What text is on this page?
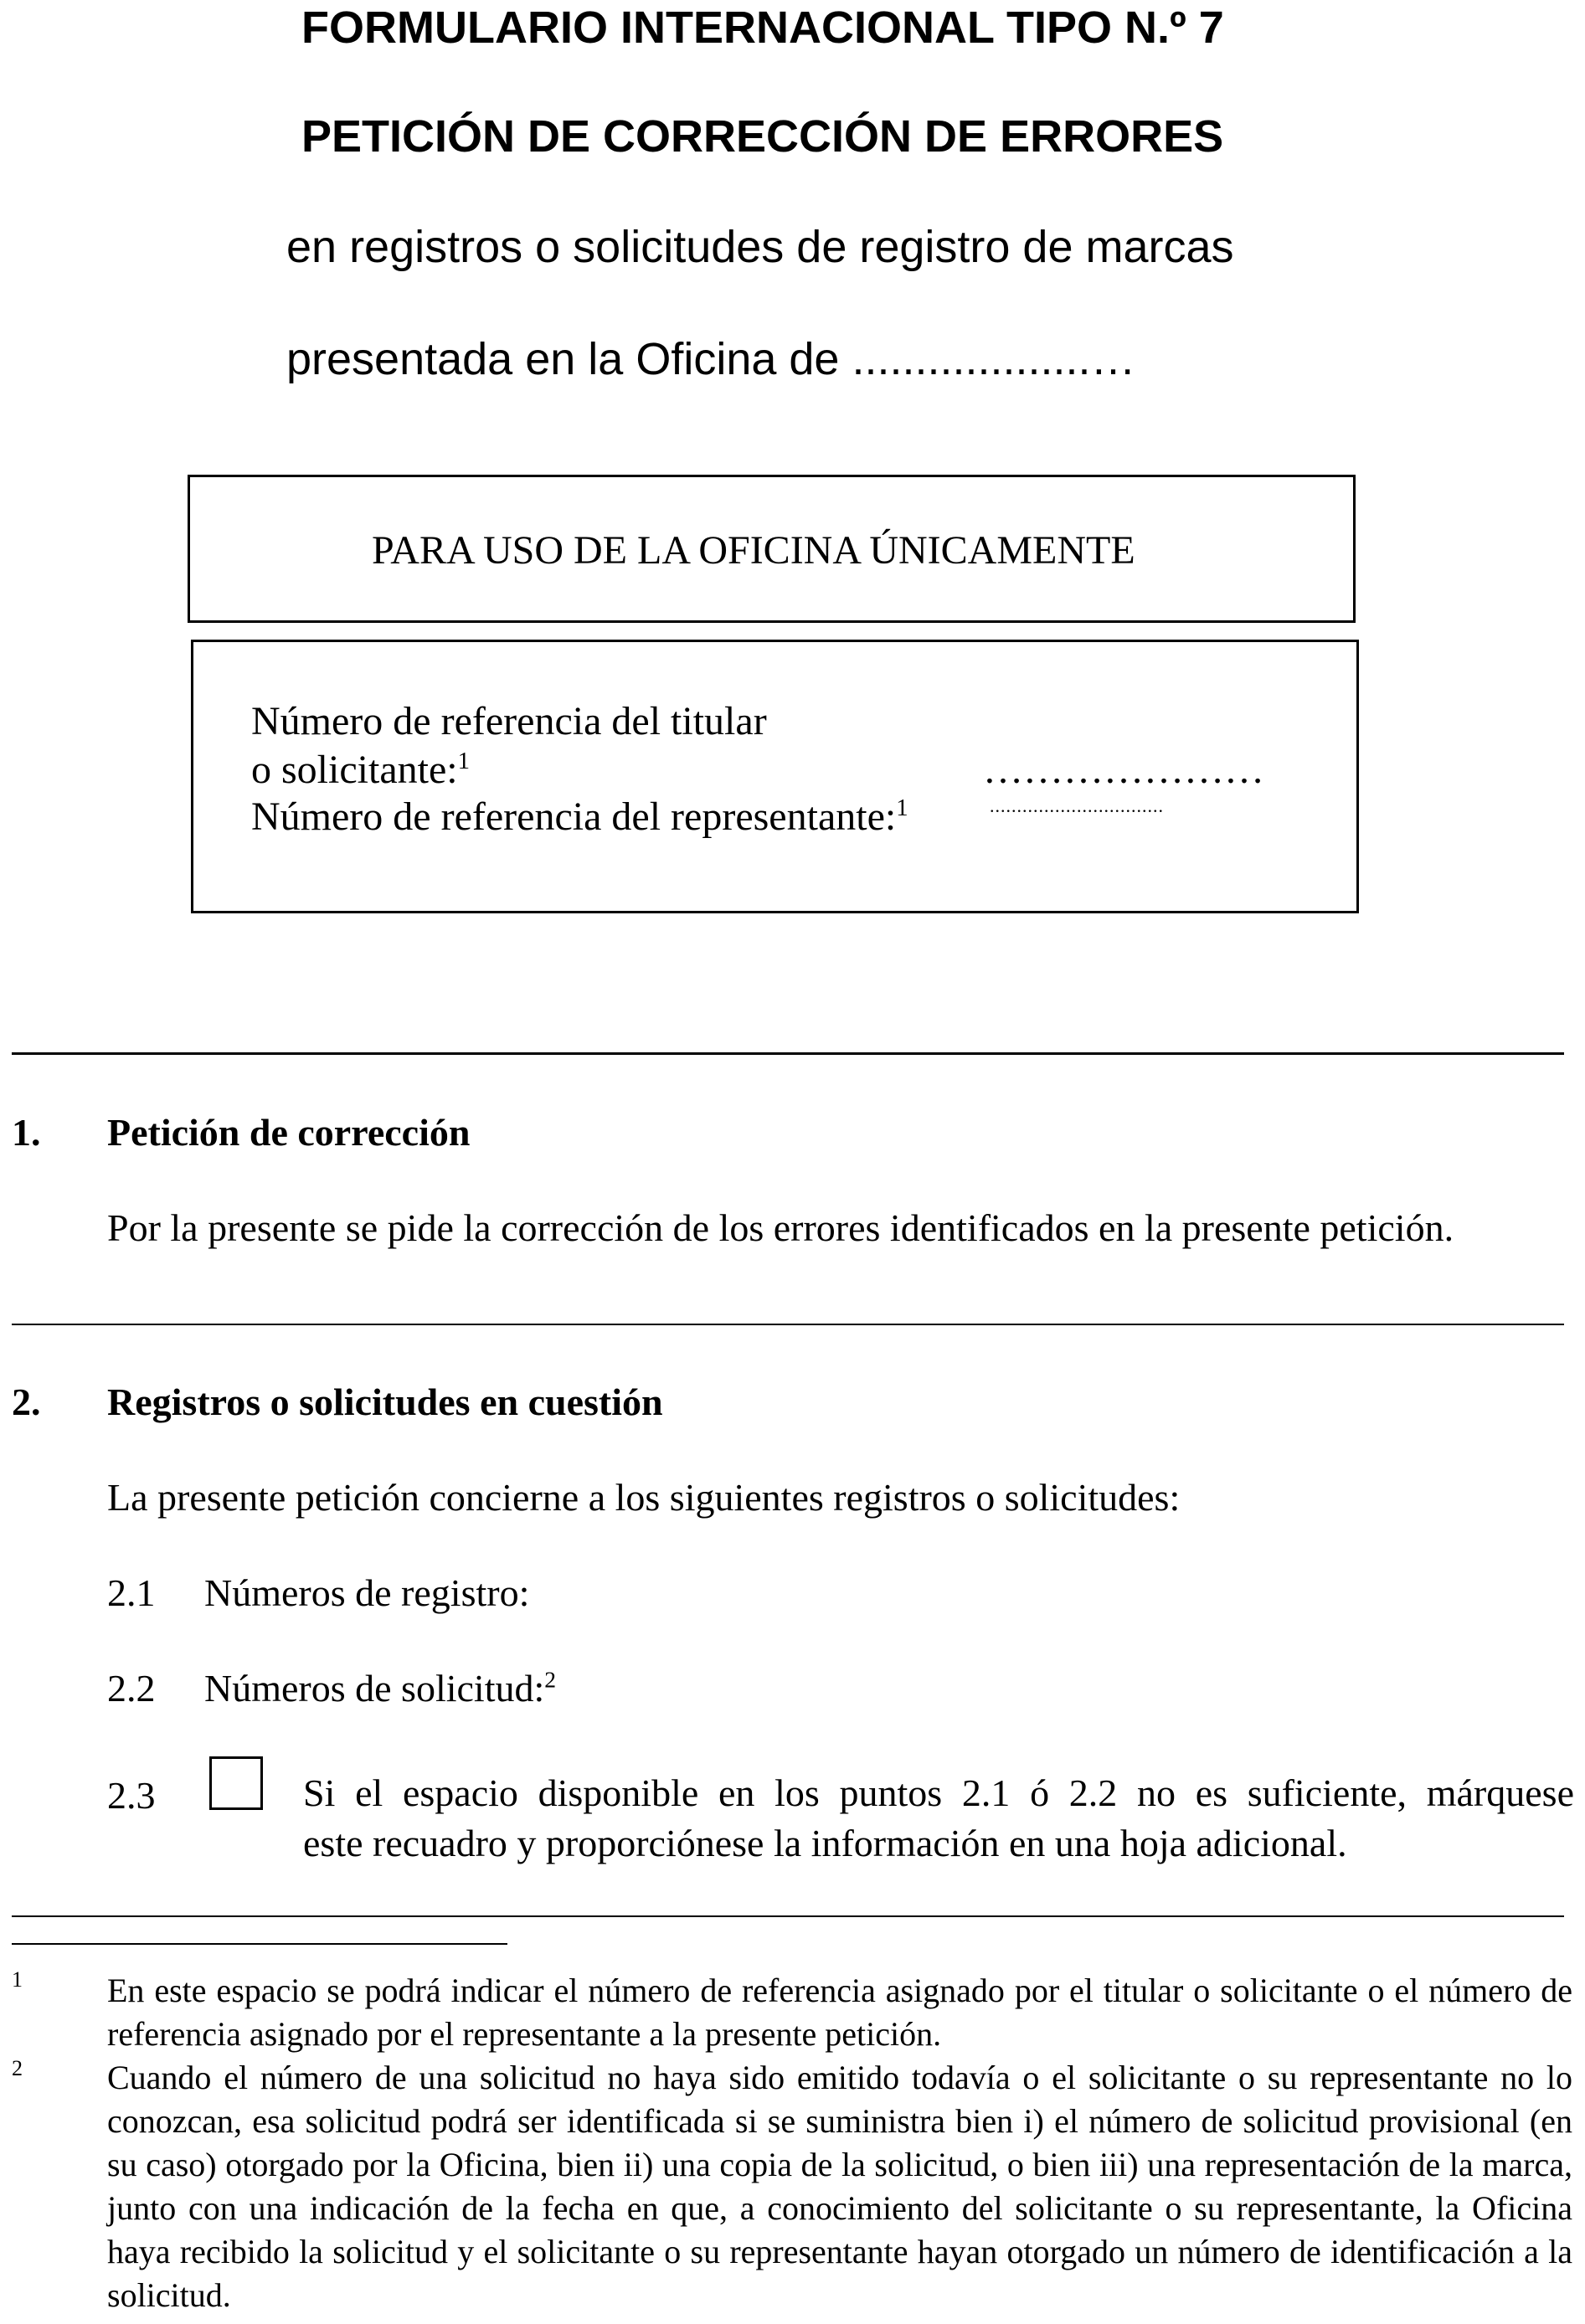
FORMULARIO INTERNACIONAL TIPO N.º 7
PETICIÓN DE CORRECCIÓN DE ERRORES
en registros o solicitudes de registro de marcas
presentada en la Oficina de ...................…
PARA USO DE LA OFICINA ÚNICAMENTE
Número de referencia del titular
o solicitante:$^1$
Número de referencia del representante:$^1$
…………………
................................
1. Petición de corrección
Por la presente se pide la corrección de los errores identificados en la presente petición.
2. Registros o solicitudes en cuestión
La presente petición concierne a los siguientes registros o solicitudes:
2.1 Números de registro:
2.2 Números de solicitud:$^2$
2.3	Si el espacio disponible en los puntos 2.1 ó 2.2 no es suficiente, márquese
este recuadro y proporciónese la información en una hoja adicional.
1	En este espacio se podrá indicar el número de referencia asignado por el titular o solicitante o el número de referencia asignado por el representante a la presente petición.
2	Cuando el número de una solicitud no haya sido emitido todavía o el solicitante o su representante no lo conozcan, esa solicitud podrá ser identificada si se suministra bien i) el número de solicitud provisional (en su caso) otorgado por la Oficina, bien ii) una copia de la solicitud, o bien iii) una representación de la marca, junto con una indicación de la fecha en que, a conocimiento del solicitante o su representante, la Oficina haya recibido la solicitud y el solicitante o su representante hayan otorgado un número de identificación a la solicitud.
